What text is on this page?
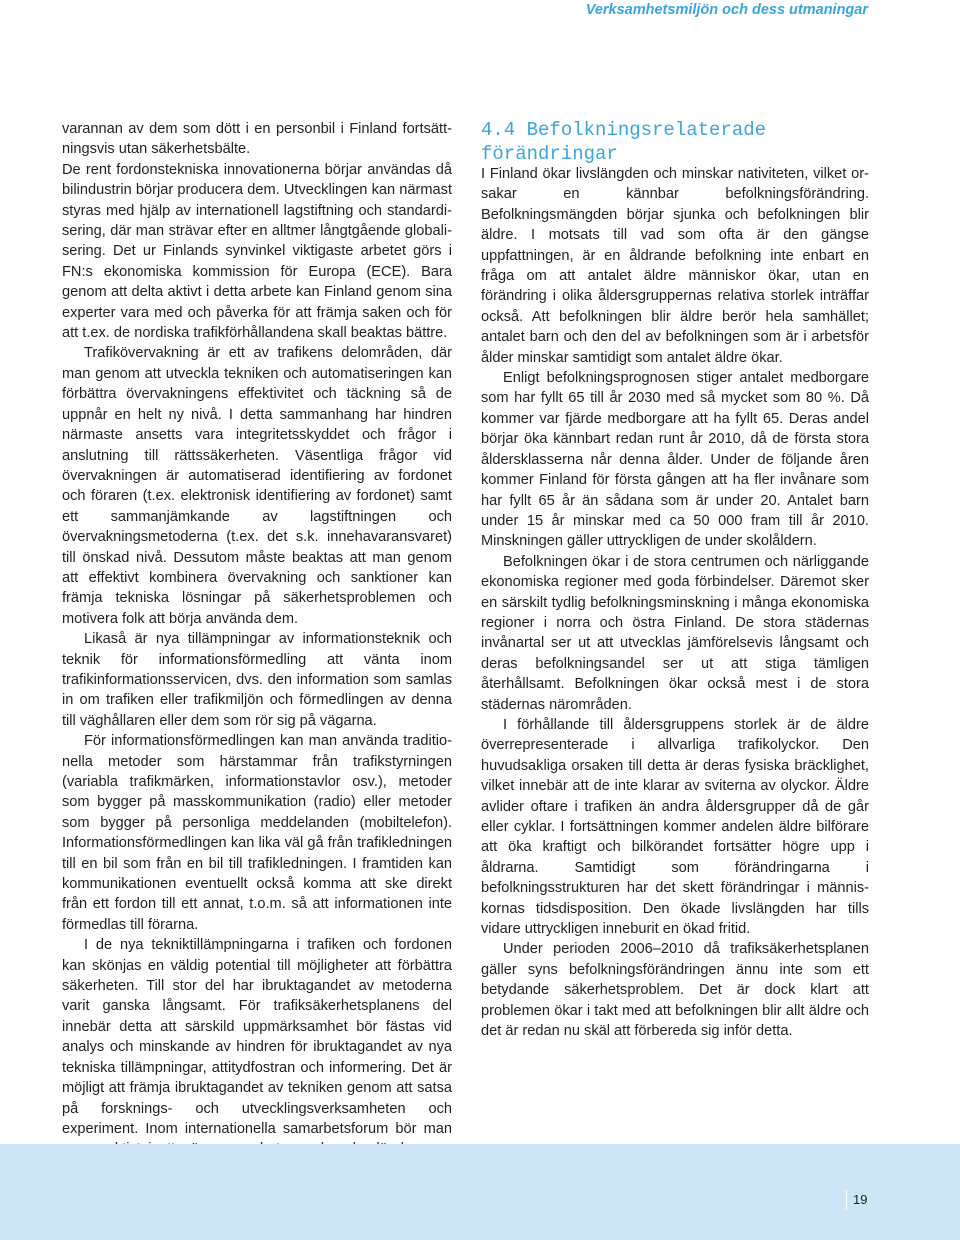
Verksamhetsmiljön och dess utmaningar

varannan av dem som dött i en personbil i Finland fortsättningsvis utan säkerhetsbälte.

De rent fordonstekniska innovationerna börjar användas då bilindustrin börjar producera dem. Utvecklingen kan närmast styras med hjälp av internationell lagstiftning och standardisering, där man strävar efter en alltmer långtgående globalisering. Det ur Finlands synvinkel viktigaste arbetet görs i FN:s ekonomiska kommission för Europa (ECE). Bara genom att delta aktivt i detta arbete kan Finland genom sina experter vara med och påverka för att främja saken och för att t.ex. de nordiska trafikförhållandena skall beaktas bättre.

Trafikövervakning är ett av trafikens delområden, där man genom att utveckla tekniken och automatiseringen kan förbättra övervakningens effektivitet och täckning så de uppnår en helt ny nivå. I detta sammanhang har hindren närmaste ansetts vara integritetsskyddet och frågor i anslutning till rättssäkerheten. Väsentliga frågor vid övervakningen är automatiserad identifiering av fordonet och föraren (t.ex. elektronisk identifiering av fordonet) samt ett sammanjämkande av lagstiftningen och övervakningsmetoderna (t.ex. det s.k. innehavaransvaret) till önskad nivå. Dessutom måste beaktas att man genom att effektivt kombinera övervakning och sanktioner kan främja tekniska lösningar på säkerhetsproblemen och motivera folk att börja använda dem.

Likaså är nya tillämpningar av informationsteknik och teknik för informationsförmedling att vänta inom trafikinformationsservicen, dvs. den information som samlas in om trafiken eller trafikmiljön och förmedlingen av denna till väghållaren eller dem som rör sig på vägarna.

För informationsförmedlingen kan man använda traditionella metoder som härstammar från trafikstyrningen (variabla trafikmärken, informationstavlor osv.), metoder som bygger på masskommunikation (radio) eller metoder som bygger på personliga meddelanden (mobiltelefon). Informationsförmedlingen kan lika väl gå från trafikledningen till en bil som från en bil till trafikledningen. I framtiden kan kommunikationen eventuellt också komma att ske direkt från ett fordon till ett annat, t.o.m. så att informationen inte förmedlas till förarna.

I de nya tekniktillämpningarna i trafiken och fordonen kan skönjas en väldig potential till möjligheter att förbättra säkerheten. Till stor del har ibruktagandet av metoderna varit ganska långsamt. För trafiksäkerhetsplanens del innebär detta att särskild uppmärksamhet bör fästas vid analys och minskande av hindren för ibruktagandet av nya tekniska tillämpningar, attitydfostran och informering. Det är möjligt att främja ibruktagandet av tekniken genom att satsa på forsknings- och utvecklingsverksamheten och experiment. Inom internationella samarbetsforum bör man

4.4 Befolkningsrelaterade förändringar

I Finland ökar livslängden och minskar nativiteten, vilket orsakar en kännbar befolkningsförändring. Befolkningsmängden börjar sjunka och befolkningen blir äldre. I motsats till vad som ofta är den gängse uppfattningen, är en åldrande befolkning inte enbart en fråga om att antalet äldre människor ökar, utan en förändring i olika åldersgruppernas relativa storlek inträffar också. Att befolkningen blir äldre berör hela samhället; antalet barn och den del av befolkningen som är i arbetsför ålder minskar samtidigt som antalet äldre ökar.

Enligt befolkningsprognosen stiger antalet medborgare som har fyllt 65 till år 2030 med så mycket som 80 %. Då kommer var fjärde medborgare att ha fyllt 65. Deras andel börjar öka kännbart redan runt år 2010, då de första stora åldersklasserna når denna ålder. Under de följande åren kommer Finland för första gången att ha fler invånare som har fyllt 65 år än sådana som är under 20. Antalet barn under 15 år minskar med ca 50 000 fram till år 2010. Minskningen gäller uttryckligen de under skolåldern.

Befolkningen ökar i de stora centrumen och närliggande ekonomiska regioner med goda förbindelser. Däremot sker en särskilt tydlig befolkningsminskning i många ekonomiska regioner i norra och östra Finland. De stora städernas invånartal ser ut att utvecklas jämförelsevis långsamt och deras befolkningsandel ser ut att stiga tämligen återhållsamt. Befolkningen ökar också mest i de stora städernas närområden.

I förhållande till åldersgruppens storlek är de äldre överrepresenterade i allvarliga trafikolyckor. Den huvudsakliga orsaken till detta är deras fysiska bräcklighet, vilket innebär att de inte klarar av sviterna av olyckor. Äldre avlider oftare i trafiken än andra åldersgrupper då de går eller cyklar. I fortsättningen kommer andelen äldre bilförare att öka kraftigt och bilkörandet fortsätter högre upp i åldrarna. Samtidigt som förändringarna i befolkningsstrukturen har det skett förändringar i människornas tidsdisposition. Den ökade livslängden har tills vidare uttryckligen inneburit en ökad fritid.

Under perioden 2006–2010 då trafiksäkerhetsplanen gäller syns befolkningsförändringen ännu inte som ett betydande säkerhetsproblem. Det är dock klart att problemen ökar i takt med att befolkningen blir allt äldre och det är redan nu skäl att förbereda sig inför detta.

19
